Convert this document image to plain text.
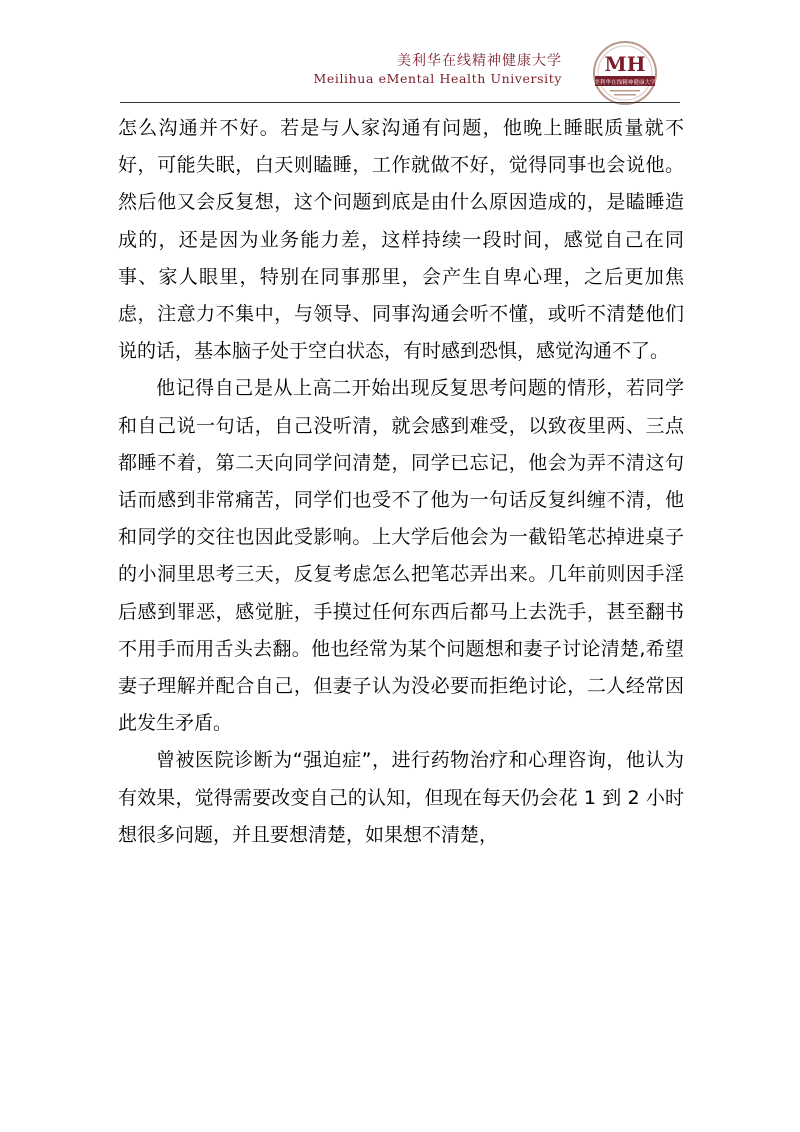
美利华在线精神健康大学
Meilihua eMental Health University
MH
美利华在线精神健康大学

怎么沟通并不好。若是与人家沟通有问题，他晚上睡眠质量就不好，可能失眠，白天则瞌睡，工作就做不好，觉得同事也会说他。然后他又会反复想，这个问题到底是由什么原因造成的，是瞌睡造成的，还是因为业务能力差，这样持续一段时间，感觉自己在同事、家人眼里，特别在同事那里，会产生自卑心理，之后更加焦虑，注意力不集中，与领导、同事沟通会听不懂，或听不清楚他们说的话，基本脑子处于空白状态，有时感到恐惧，感觉沟通不了。

他记得自己是从上高二开始出现反复思考问题的情形，若同学和自己说一句话，自己没听清，就会感到难受，以致夜里两、三点都睡不着，第二天向同学问清楚，同学已忘记，他会为弄不清这句话而感到非常痛苦，同学们也受不了他为一句话反复纠缠不清，他和同学的交往也因此受影响。上大学后他会为一截铅笔芯掉进桌子的小洞里思考三天，反复考虑怎么把笔芯弄出来。几年前则因手淫后感到罪恶，感觉脏，手摸过任何东西后都马上去洗手，甚至翻书不用手而用舌头去翻。他也经常为某个问题想和妻子讨论清楚,希望妻子理解并配合自己，但妻子认为没必要而拒绝讨论，二人经常因此发生矛盾。

曾被医院诊断为“强迫症”，进行药物治疗和心理咨询，他认为有效果，觉得需要改变自己的认知，但现在每天仍会花 1 到 2 小时想很多问题，并且要想清楚，如果想不清楚，
